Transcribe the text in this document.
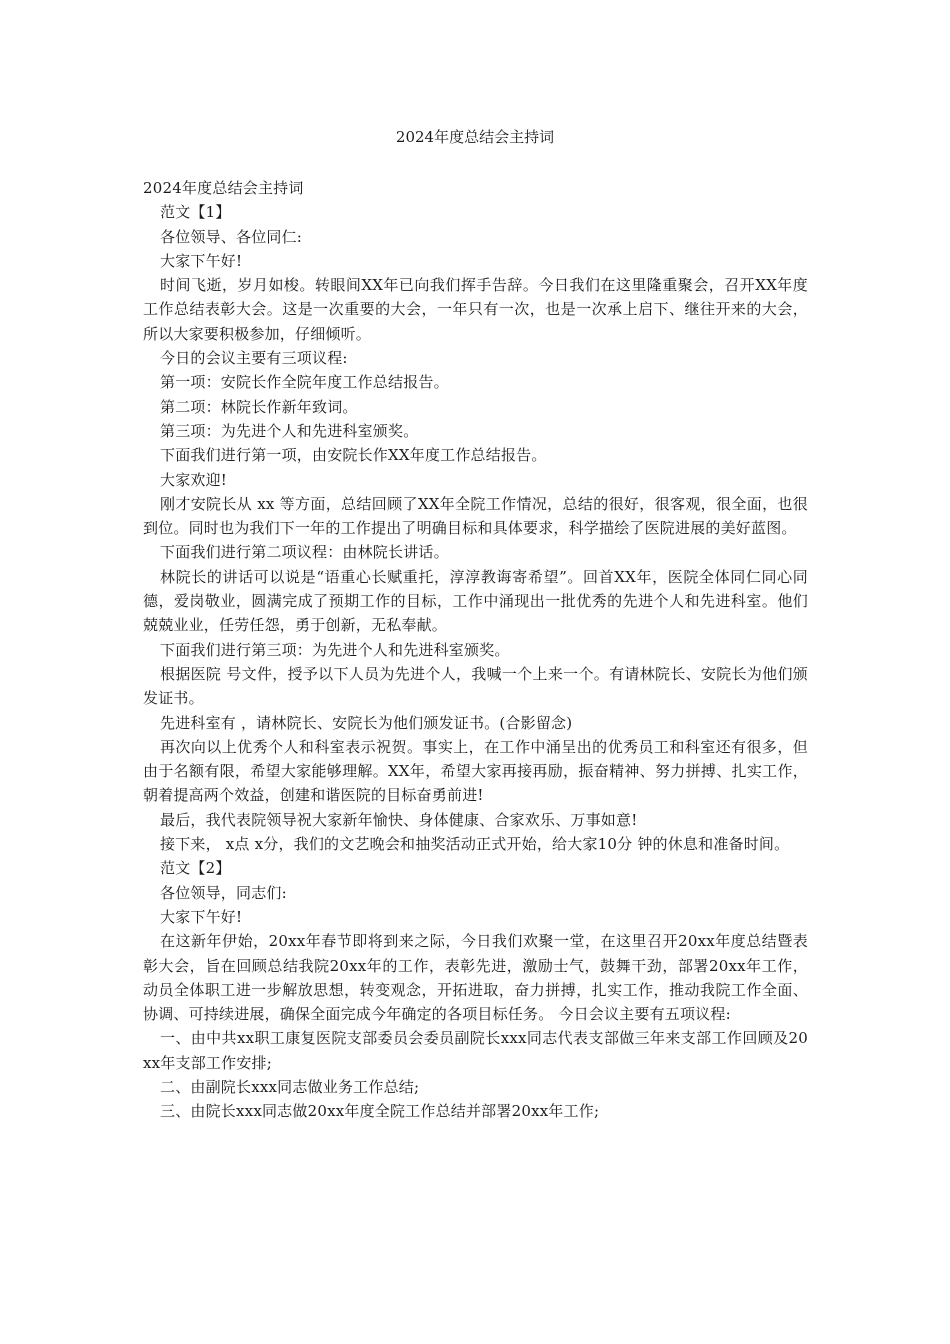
2024年度总结会主持词

2024年度总结会主持词

范文【1】

各位领导、各位同仁:

大家下午好!

时间飞逝，岁月如梭。转眼间XX年已向我们挥手告辞。今日我们在这里隆重聚会，召开XX年度工作总结表彰大会。这是一次重要的大会，一年只有一次，也是一次承上启下、继往开来的大会，所以大家要积极参加，仔细倾听。

今日的会议主要有三项议程:

第一项：安院长作全院年度工作总结报告。

第二项：林院长作新年致词。

第三项：为先进个人和先进科室颁奖。

下面我们进行第一项，由安院长作XX年度工作总结报告。

大家欢迎!

刚才安院长从 xx 等方面，总结回顾了XX年全院工作情况，总结的很好，很客观，很全面，也很到位。同时也为我们下一年的工作提出了明确目标和具体要求，科学描绘了医院进展的美好蓝图。

下面我们进行第二项议程：由林院长讲话。

林院长的讲话可以说是“语重心长赋重托，淳淳教诲寄希望”。回首XX年，医院全体同仁同心同德，爱岗敬业，圆满完成了预期工作的目标，工作中涌现出一批优秀的先进个人和先进科室。他们兢兢业业，任劳任怨，勇于创新，无私奉献。

下面我们进行第三项：为先进个人和先进科室颁奖。

根据医院 号文件，授予以下人员为先进个人，我喊一个上来一个。有请林院长、安院长为他们颁发证书。

先进科室有 ，请林院长、安院长为他们颁发证书。(合影留念)

再次向以上优秀个人和科室表示祝贺。事实上，在工作中涌呈出的优秀员工和科室还有很多，但由于名额有限，希望大家能够理解。XX年，希望大家再接再励，振奋精神、努力拼搏、扎实工作，朝着提高两个效益，创建和谐医院的目标奋勇前进!

最后，我代表院领导祝大家新年愉快、身体健康、合家欢乐、万事如意!

接下来， x点 x分，我们的文艺晚会和抽奖活动正式开始，给大家10分 钟的休息和准备时间。

范文【2】

各位领导，同志们:

大家下午好!

在这新年伊始，20xx年春节即将到来之际，今日我们欢聚一堂，在这里召开20xx年度总结暨表彰大会，旨在回顾总结我院20xx年的工作，表彰先进，激励士气，鼓舞干劲，部署20xx年工作，动员全体职工进一步解放思想，转变观念，开拓进取，奋力拼搏，扎实工作，推动我院工作全面、协调、可持续进展，确保全面完成今年确定的各项目标任务。 今日会议主要有五项议程:

一、由中共xx职工康复医院支部委员会委员副院长xxx同志代表支部做三年来支部工作回顾及20xx年支部工作安排;

二、由副院长xxx同志做业务工作总结;

三、由院长xxx同志做20xx年度全院工作总结并部署20xx年工作;
